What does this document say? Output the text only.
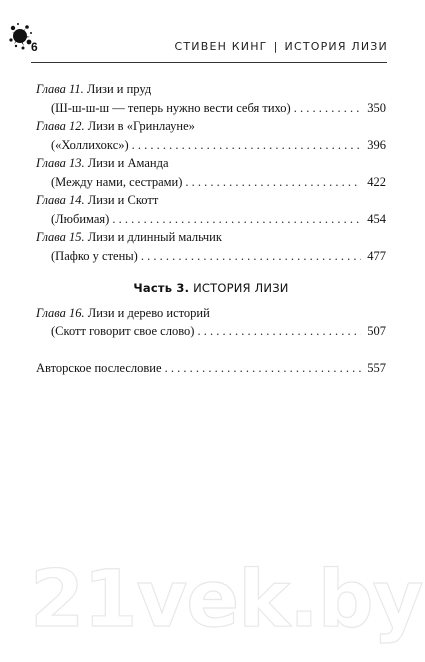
6	СТИВЕН КИНГ | ИСТОРИЯ ЛИЗИ
Глава 11.
Лизи и пруд
(Ш-ш-ш-ш — теперь нужно вести себя тихо) . . .	350
Глава 12.
Лизи в «Гринлауне»
(«Холлихокс») . . .	396
Глава 13.
Лизи и Аманда
(Между нами, сестрами) . . .	422
Глава 14.
Лизи и Скотт
(Любимая) . . .	454
Глава 15.
Лизи и длинный мальчик
(Пафко у стены) . . .	477
Часть 3. ИСТОРИЯ ЛИЗИ
Глава 16.
Лизи и дерево историй
(Скотт говорит свое слово) . . .	507
Авторское послесловие . . .	557
21vek.by
